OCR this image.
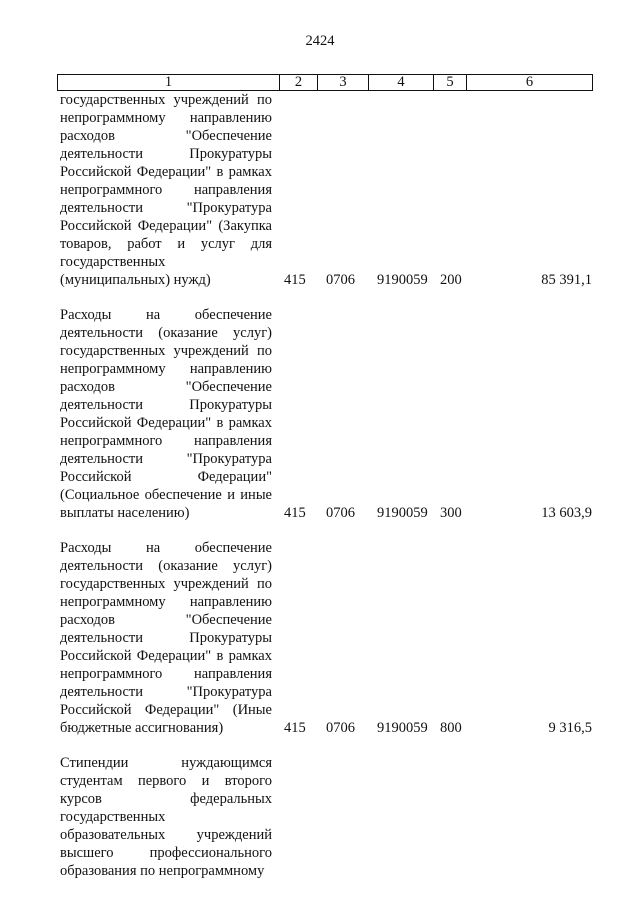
2424
1	2	3	4	5	6
государственных учреждений по
непрограммному направлению
расходов "Обеспечение
деятельности Прокуратуры
Российской Федерации" в рамках
непрограммного направления
деятельности "Прокуратура
Российской Федерации" (Закупка
товаров, работ и услуг для
государственных
(муниципальных) нужд)	415	0706	9190059 200	85 391,1
Расходы на обеспечение
деятельности (оказание услуг)
государственных учреждений по
непрограммному направлению
расходов "Обеспечение
деятельности Прокуратуры
Российской Федерации" в рамках
непрограммного направления
деятельности "Прокуратура
Российской Федерации"
(Социальное обеспечение и иные
выплаты населению)	415	0706	9190059 300	13 603,9
Расходы на обеспечение
деятельности (оказание услуг)
государственных учреждений по
непрограммному направлению
расходов "Обеспечение
деятельности Прокуратуры
Российской Федерации" в рамках
непрограммного направления
деятельности "Прокуратура
Российской Федерации" (Иные
бюджетные ассигнования)	415	0706	9190059 800	9 316,5
Стипендии нуждающимся
студентам первого и второго
курсов федеральных
государственных
образовательных учреждений
высшего профессионального
образования по непрограммному
